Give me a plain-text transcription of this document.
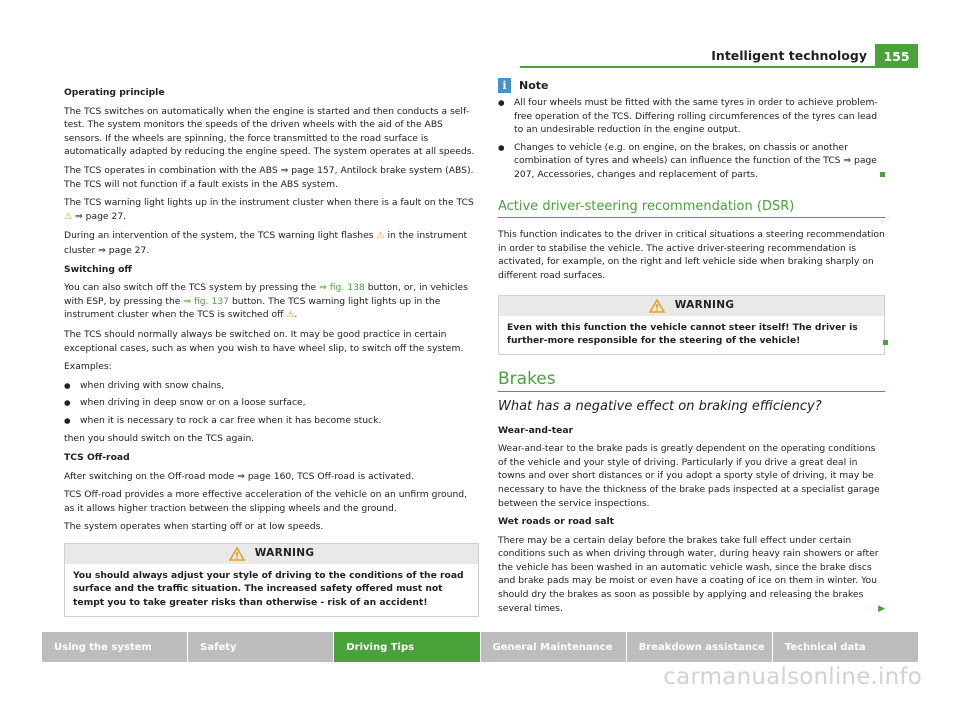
Intelligent technology	155

Operating principle

The TCS switches on automatically when the engine is started and then conducts a self-test. The system monitors the speeds of the driven wheels with the aid of the ABS sensors. If the wheels are spinning, the force transmitted to the road surface is automatically adapted by reducing the engine speed. The system operates at all speeds.

The TCS operates in combination with the ABS ⇒ page 157, Antilock brake system (ABS). The TCS will not function if a fault exists in the ABS system.

The TCS warning light lights up in the instrument cluster when there is a fault on the TCS ⚠ ⇒ page 27.

During an intervention of the system, the TCS warning light flashes ⚠ in the instrument cluster ⇒ page 27.

Switching off

You can also switch off the TCS system by pressing the ⇒ fig. 138 button, or, in vehicles with ESP, by pressing the ⇒ fig. 137 button. The TCS warning light lights up in the instrument cluster when the TCS is switched off ⚠.

The TCS should normally always be switched on. It may be good practice in certain exceptional cases, such as when you wish to have wheel slip, to switch off the system.

Examples:

● when driving with snow chains,
● when driving in deep snow or on a loose surface,
● when it is necessary to rock a car free when it has become stuck.

then you should switch on the TCS again.

TCS Off-road

After switching on the Off-road mode ⇒ page 160, TCS Off-road is activated.

TCS Off-road provides a more effective acceleration of the vehicle on an unfirm ground, as it allows higher traction between the slipping wheels and the ground.

The system operates when starting off or at low speeds.

WARNING
You should always adjust your style of driving to the conditions of the road surface and the traffic situation. The increased safety offered must not tempt you to take greater risks than otherwise - risk of an accident!
i	Note
● All four wheels must be fitted with the same tyres in order to achieve problem-free operation of the TCS. Differing rolling circumferences of the tyres can lead to an undesirable reduction in the engine output.
● Changes to vehicle (e.g. on engine, on the brakes, on chassis or another combination of tyres and wheels) can influence the function of the TCS ⇒ page 207, Accessories, changes and replacement of parts.
Active driver-steering recommendation (DSR)

This function indicates to the driver in critical situations a steering recommendation in order to stabilise the vehicle. The active driver-steering recommendation is activated, for example, on the right and left vehicle side when braking sharply on different road surfaces.

WARNING
Even with this function the vehicle cannot steer itself! The driver is further-more responsible for the steering of the vehicle!
Brakes
What has a negative effect on braking efficiency?

Wear-and-tear

Wear-and-tear to the brake pads is greatly dependent on the operating conditions of the vehicle and your style of driving. Particularly if you drive a great deal in towns and over short distances or if you adopt a sporty style of driving, it may be necessary to have the thickness of the brake pads inspected at a specialist garage between the service inspections.

Wet roads or road salt

There may be a certain delay before the brakes take full effect under certain conditions such as when driving through water, during heavy rain showers or after the vehicle has been washed in an automatic vehicle wash, since the brake discs and brake pads may be moist or even have a coating of ice on them in winter. You should dry the brakes as soon as possible by applying and releasing the brakes several times.	▶

Using the system	Safety	Driving Tips	General Maintenance	Breakdown assistance	Technical data
carmanualsonline.info
